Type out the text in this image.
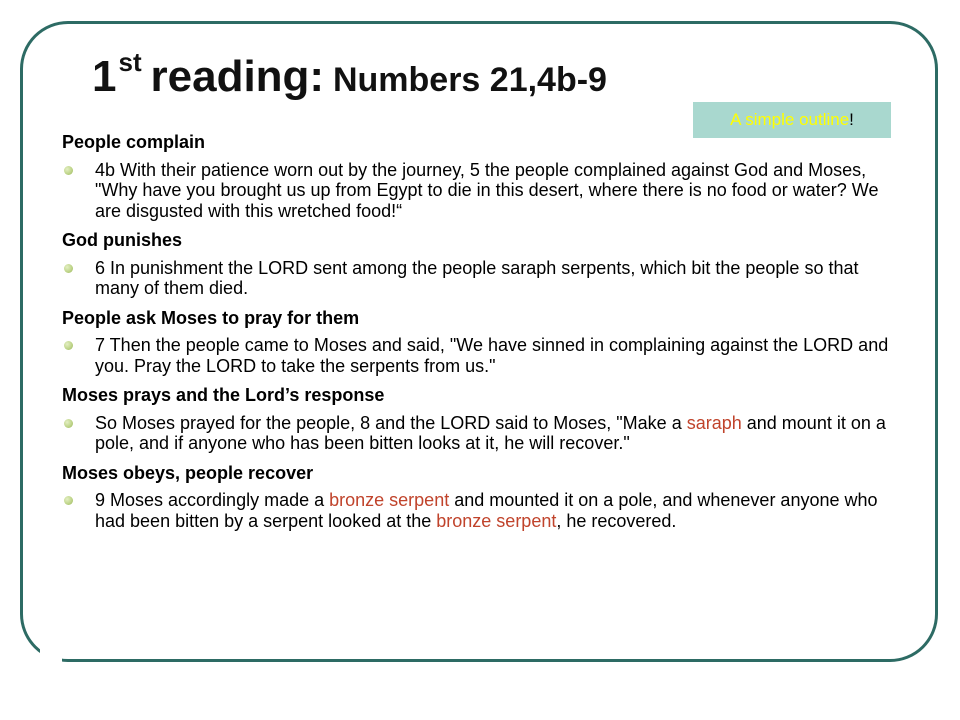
1st reading: Numbers 21,4b-9
A simple outline!
People complain
4b With their patience worn out by the journey, 5 the people complained against God and Moses, "Why have you brought us up from Egypt to die in this desert, where there is no food or water? We are disgusted with this wretched food!“
God punishes
6 In punishment the LORD sent among the people saraph serpents, which bit the people so that many of them died.
People ask Moses to pray for them
7 Then the people came to Moses and said, "We have sinned in complaining against the LORD and you. Pray the LORD to take the serpents from us."
Moses prays and the Lord’s response
So Moses prayed for the people, 8 and the LORD said to Moses, "Make a saraph and mount it on a pole, and if anyone who has been bitten looks at it, he will recover."
Moses obeys, people recover
9 Moses accordingly made a bronze serpent and mounted it on a pole, and whenever anyone who had been bitten by a serpent looked at the bronze serpent, he recovered.
